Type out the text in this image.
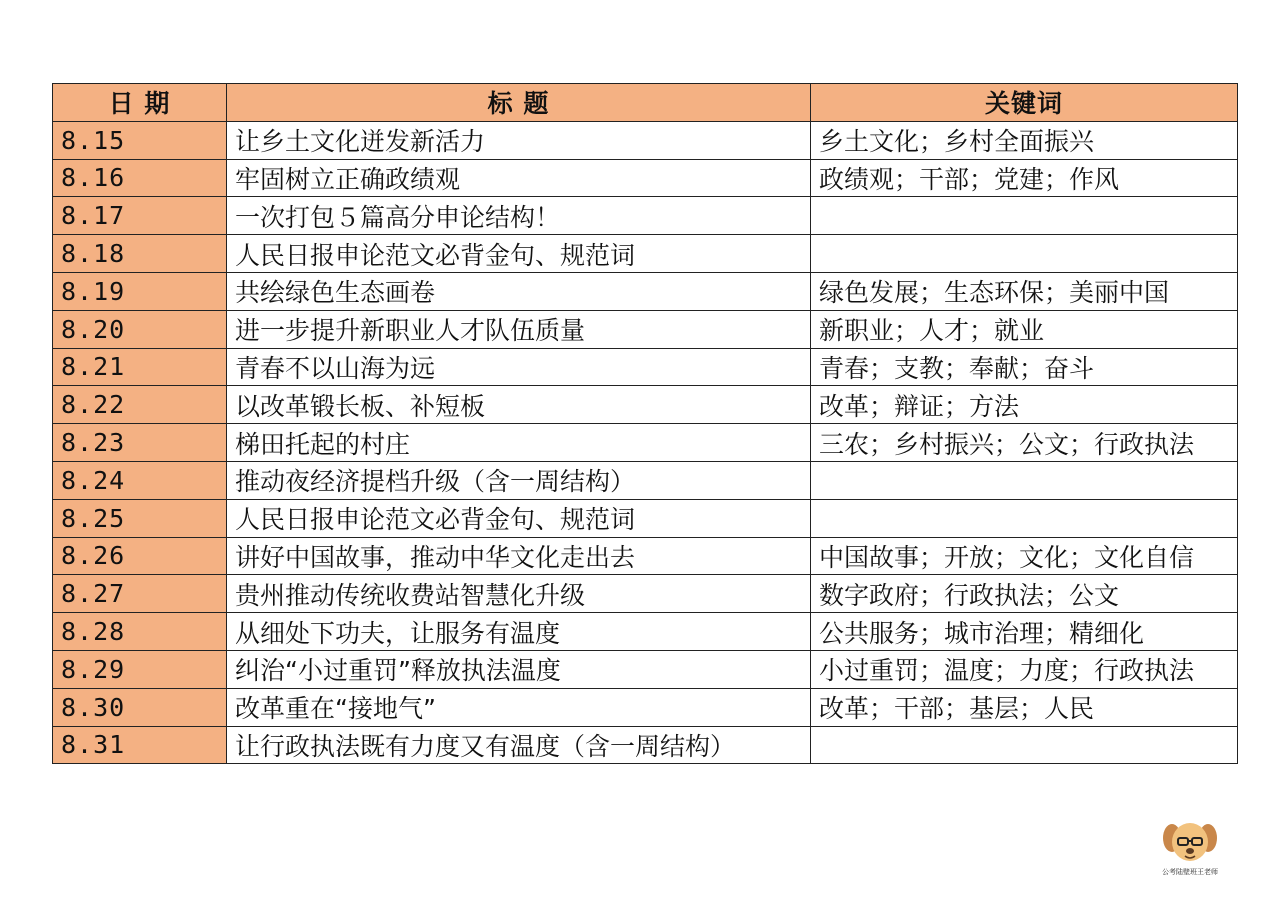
日 期	标 题	关键词
8.15	让乡土文化迸发新活力	乡土文化；乡村全面振兴
8.16	牢固树立正确政绩观	政绩观；干部；党建；作风
8.17	一次打包５篇高分申论结构！	
8.18	人民日报申论范文必背金句、规范词	
8.19	共绘绿色生态画卷	绿色发展；生态环保；美丽中国
8.20	进一步提升新职业人才队伍质量	新职业；人才；就业
8.21	青春不以山海为远	青春；支教；奉献；奋斗
8.22	以改革锻长板、补短板	改革；辩证；方法
8.23	梯田托起的村庄	三农；乡村振兴；公文；行政执法
8.24	推动夜经济提档升级（含一周结构）	
8.25	人民日报申论范文必背金句、规范词	
8.26	讲好中国故事，推动中华文化走出去	中国故事；开放；文化；文化自信
8.27	贵州推动传统收费站智慧化升级	数字政府；行政执法；公文
8.28	从细处下功夫，让服务有温度	公共服务；城市治理；精细化
8.29	纠治“小过重罚”释放执法温度	小过重罚；温度；力度；行政执法
8.30	改革重在“接地气”	改革；干部；基层；人民
8.31	让行政执法既有力度又有温度（含一周结构）	
公考陆壁班王老师
